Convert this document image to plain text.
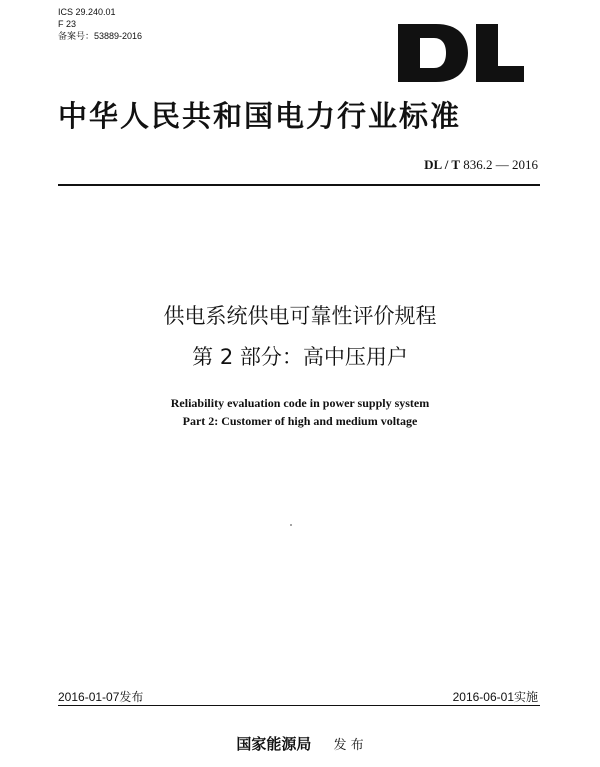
ICS 29.240.01
F 23
备案号：53889-2016
中华人民共和国电力行业标准
DL / T 836.2 — 2016
供电系统供电可靠性评价规程
第 2 部分：高中压用户
Reliability evaluation code in power supply system
Part 2: Customer of high and medium voltage
2016-01-07发布	2016-06-01实施
国家能源局 发 布
